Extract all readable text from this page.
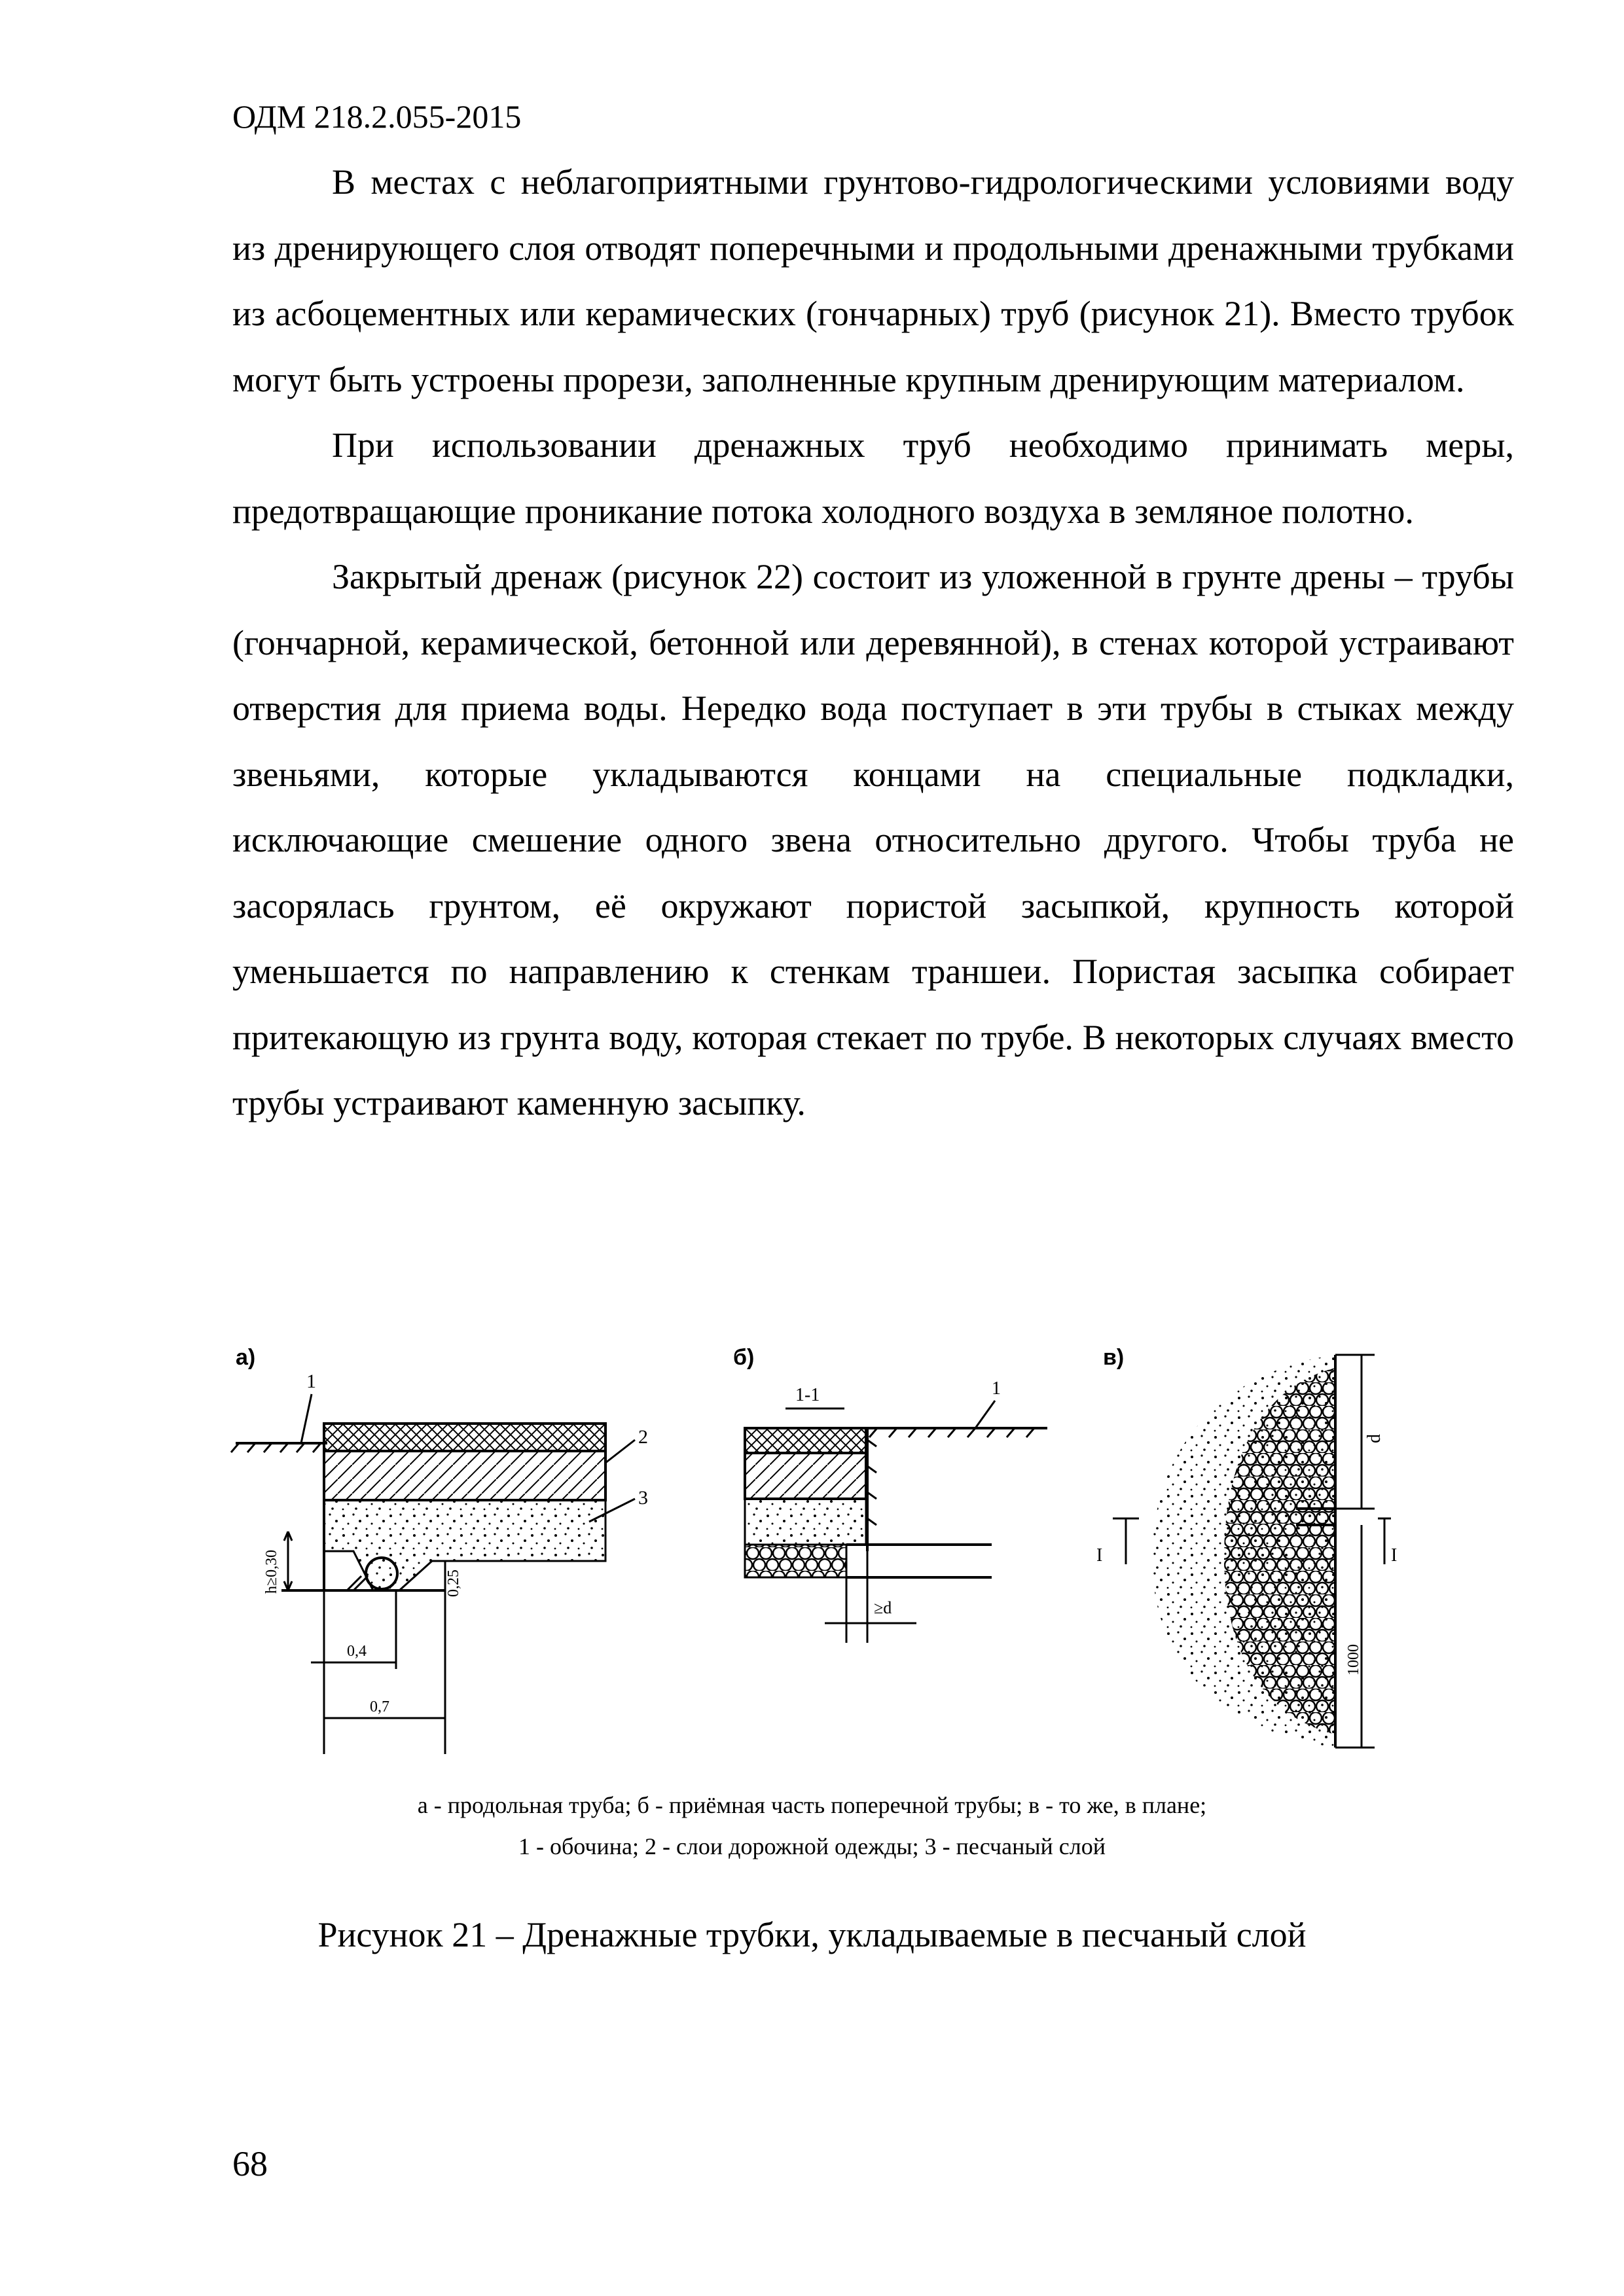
ОДМ 218.2.055-2015

В местах с неблагоприятными грунтово-гидрологическими условиями воду из дренирующего слоя отводят поперечными и продольными дренажными трубками из асбоцементных или керамических (гончарных) труб (рисунок 21). Вместо трубок могут быть устроены прорези, заполненные крупным дренирующим материалом.

При использовании дренажных труб необходимо принимать меры, предотвращающие проникание потока холодного воздуха в земляное полотно.

Закрытый дренаж (рисунок 22) состоит из уложенной в грунте дрены – трубы (гончарной, керамической, бетонной или деревянной), в стенах которой устраивают отверстия для приема воды. Нередко вода поступает в эти трубы в стыках между звеньями, которые укладываются концами на специальные подкладки, исключающие смешение одного звена относительно другого. Чтобы труба не засорялась грунтом, её окружают пористой засыпкой, крупность которой уменьшается по направлению к стенкам траншеи. Пористая засыпка собирает притекающую из грунта воду, которая стекает по трубе. В некоторых случаях вместо трубы устраивают каменную засыпку.

а)
1
2
3
h≥0,30	0,25
0,4
0,7
б)
1-1	1
≥d
в)
d
1000
I	I
а - продольная труба; б - приёмная часть поперечной трубы; в - то же, в плане;
1 - обочина; 2 - слои дорожной одежды; 3 - песчаный слой
Рисунок 21 – Дренажные трубки, укладываемые в песчаный слой
68
